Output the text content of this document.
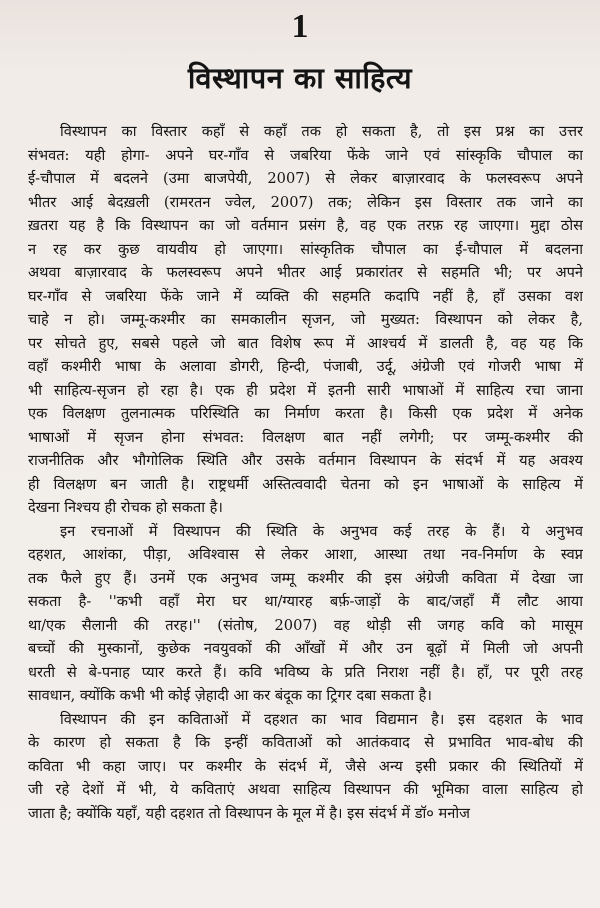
1
विस्थापन का साहित्य
विस्थापन का विस्तार कहाँ से कहाँ तक हो सकता है, तो इस प्रश्न का उत्तर
संभवत: यही होगा- अपने घर-गाँव से जबरिया फेंके जाने एवं सांस्कृकि चौपाल का
ई-चौपाल में बदलने (उमा बाजपेयी, 2007) से लेकर बाज़ारवाद के फलस्वरूप अपने
भीतर आई बेदख़ली (रामरतन ज्वेल, 2007) तक; लेकिन इस विस्तार तक जाने का
ख़तरा यह है कि विस्थापन का जो वर्तमान प्रसंग है, वह एक तरफ़ रह जाएगा। मुद्दा ठोस
न रह कर कुछ वायवीय हो जाएगा। सांस्कृतिक चौपाल का ई-चौपाल में बदलना
अथवा बाज़ारवाद के फलस्वरूप अपने भीतर आई प्रकारांतर से सहमति भी; पर अपने
घर-गाँव से जबरिया फेंके जाने में व्यक्ति की सहमति कदापि नहीं है, हाँ उसका वश
चाहे न हो। जम्मू-कश्मीर का समकालीन सृजन, जो मुख्यत: विस्थापन को लेकर है,
पर सोचते हुए, सबसे पहले जो बात विशेष रूप में आश्चर्य में डालती है, वह यह कि
वहाँ कश्मीरी भाषा के अलावा डोगरी, हिन्दी, पंजाबी, उर्दू, अंग्रेजी एवं गोजरी भाषा में
भी साहित्य-सृजन हो रहा है। एक ही प्रदेश में इतनी सारी भाषाओं में साहित्य रचा जाना
एक विलक्षण तुलनात्मक परिस्थिति का निर्माण करता है। किसी एक प्रदेश में अनेक
भाषाओं में सृजन होना संभवत: विलक्षण बात नहीं लगेगी; पर जम्मू-कश्मीर की
राजनीतिक और भौगोलिक स्थिति और उसके वर्तमान विस्थापन के संदर्भ में यह अवश्य
ही विलक्षण बन जाती है। राष्ट्रधर्मी अस्तित्ववादी चेतना को इन भाषाओं के साहित्य में
देखना निश्चय ही रोचक हो सकता है।
इन रचनाओं में विस्थापन की स्थिति के अनुभव कई तरह के हैं। ये अनुभव
दहशत, आशंका, पीड़ा, अविश्वास से लेकर आशा, आस्था तथा नव-निर्माण के स्वप्न
तक फैले हुए हैं। उनमें एक अनुभव जम्मू कश्मीर की इस अंग्रेजी कविता में देखा जा
सकता है- ''कभी वहाँ मेरा घर था/ग्यारह बर्फ़-जाड़ों के बाद/जहाँ मैं लौट आया
था/एक सैलानी की तरह।'' (संतोष, 2007) वह थोड़ी सी जगह कवि को मासूम
बच्चों की मुस्कानों, कुछेक नवयुवकों की आँखों में और उन बूढ़ों में मिली जो अपनी
धरती से बे-पनाह प्यार करते हैं। कवि भविष्य के प्रति निराश नहीं है। हाँ, पर पूरी तरह
सावधान, क्योंकि कभी भी कोई ज़ेहादी आ कर बंदूक का ट्रिगर दबा सकता है।
विस्थापन की इन कविताओं में दहशत का भाव विद्यमान है। इस दहशत के भाव
के कारण हो सकता है कि इन्हीं कविताओं को आतंकवाद से प्रभावित भाव-बोध की
कविता भी कहा जाए। पर कश्मीर के संदर्भ में, जैसे अन्य इसी प्रकार की स्थितियों में
जी रहे देशों में भी, ये कविताएं अथवा साहित्य विस्थापन की भूमिका वाला साहित्य हो
जाता है; क्योंकि यहाँ, यही दहशत तो विस्थापन के मूल में है। इस संदर्भ में डॉ० मनोज
